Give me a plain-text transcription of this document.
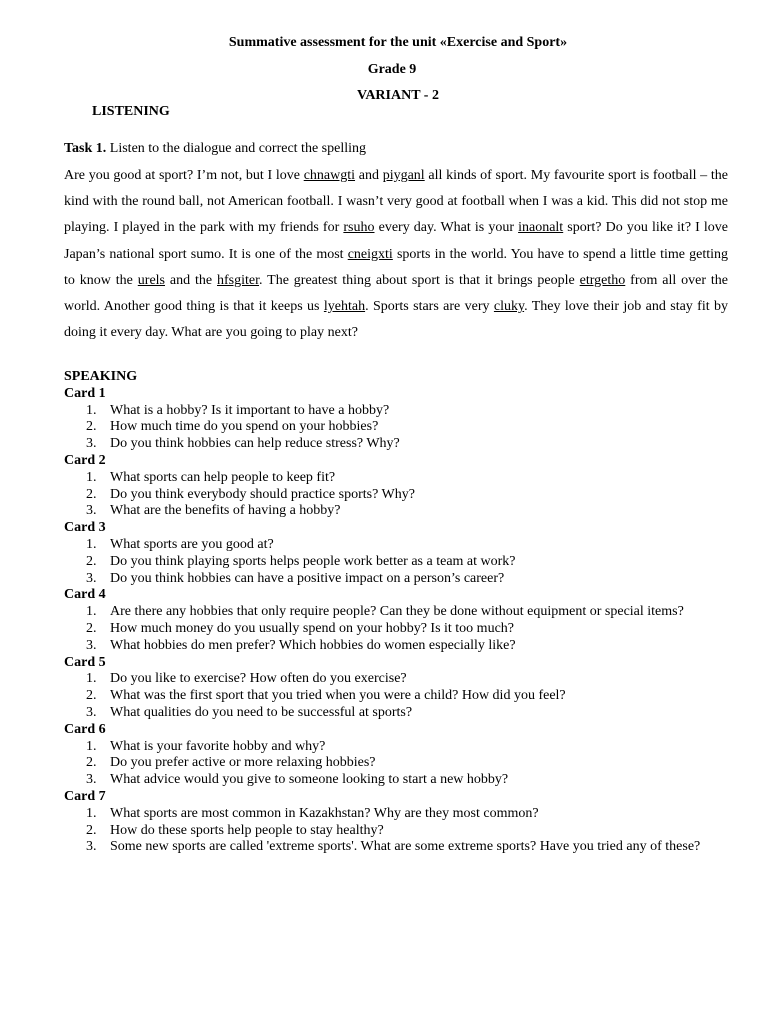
Summative assessment for the unit «Exercise and Sport»
Grade 9
VARIANT - 2
LISTENING
Task 1. Listen to the dialogue and correct the spelling
Are you good at sport? I’m not, but I love chnawgti and piyganl all kinds of sport. My favourite sport is football – the kind with the round ball, not American football. I wasn’t very good at football when I was a kid. This did not stop me playing. I played in the park with my friends for rsuho every day. What is your inaonalt sport? Do you like it? I love Japan’s national sport sumo. It is one of the most cneigxti sports in the world. You have to spend a little time getting to know the urels and the hfsgiter. The greatest thing about sport is that it brings people etrgetho from all over the world. Another good thing is that it keeps us lyehtah. Sports stars are very cluky. They love their job and stay fit by doing it every day. What are you going to play next?
SPEAKING
Card 1
1. What is a hobby? Is it important to have a hobby?
2. How much time do you spend on your hobbies?
3. Do you think hobbies can help reduce stress? Why?
Card 2
1. What sports can help people to keep fit?
2. Do you think everybody should practice sports? Why?
3. What are the benefits of having a hobby?
Card 3
1. What sports are you good at?
2. Do you think playing sports helps people work better as a team at work?
3. Do you think hobbies can have a positive impact on a person’s career?
Card 4
1. Are there any hobbies that only require people? Can they be done without equipment or special items?
2. How much money do you usually spend on your hobby? Is it too much?
3. What hobbies do men prefer? Which hobbies do women especially like?
Card 5
1. Do you like to exercise? How often do you exercise?
2. What was the first sport that you tried when you were a child? How did you feel?
3. What qualities do you need to be successful at sports?
Card 6
1. What is your favorite hobby and why?
2. Do you prefer active or more relaxing hobbies?
3. What advice would you give to someone looking to start a new hobby?
Card 7
1. What sports are most common in Kazakhstan? Why are they most common?
2. How do these sports help people to stay healthy?
3. Some new sports are called 'extreme sports'. What are some extreme sports? Have you tried any of these?
